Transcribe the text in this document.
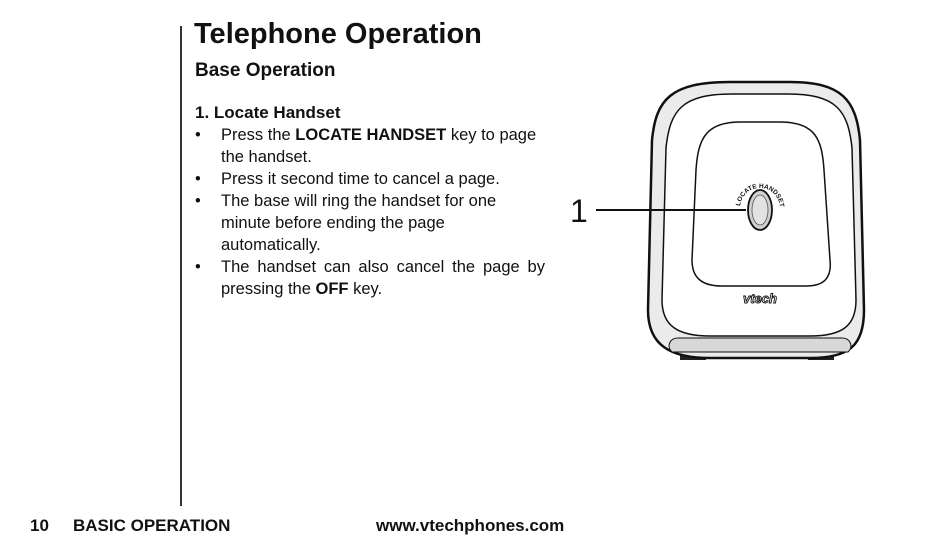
Telephone Operation
Base Operation
1. Locate Handset
• Press the LOCATE HANDSET key to page the handset.
• Press it second time to cancel a page.
• The base will ring the handset for one minute before ending the page automatically.
• The handset can also cancel the page by pressing the OFF key.
LOCATE HANDSET
vtech
1
10 BASIC OPERATION	www.vtechphones.com
